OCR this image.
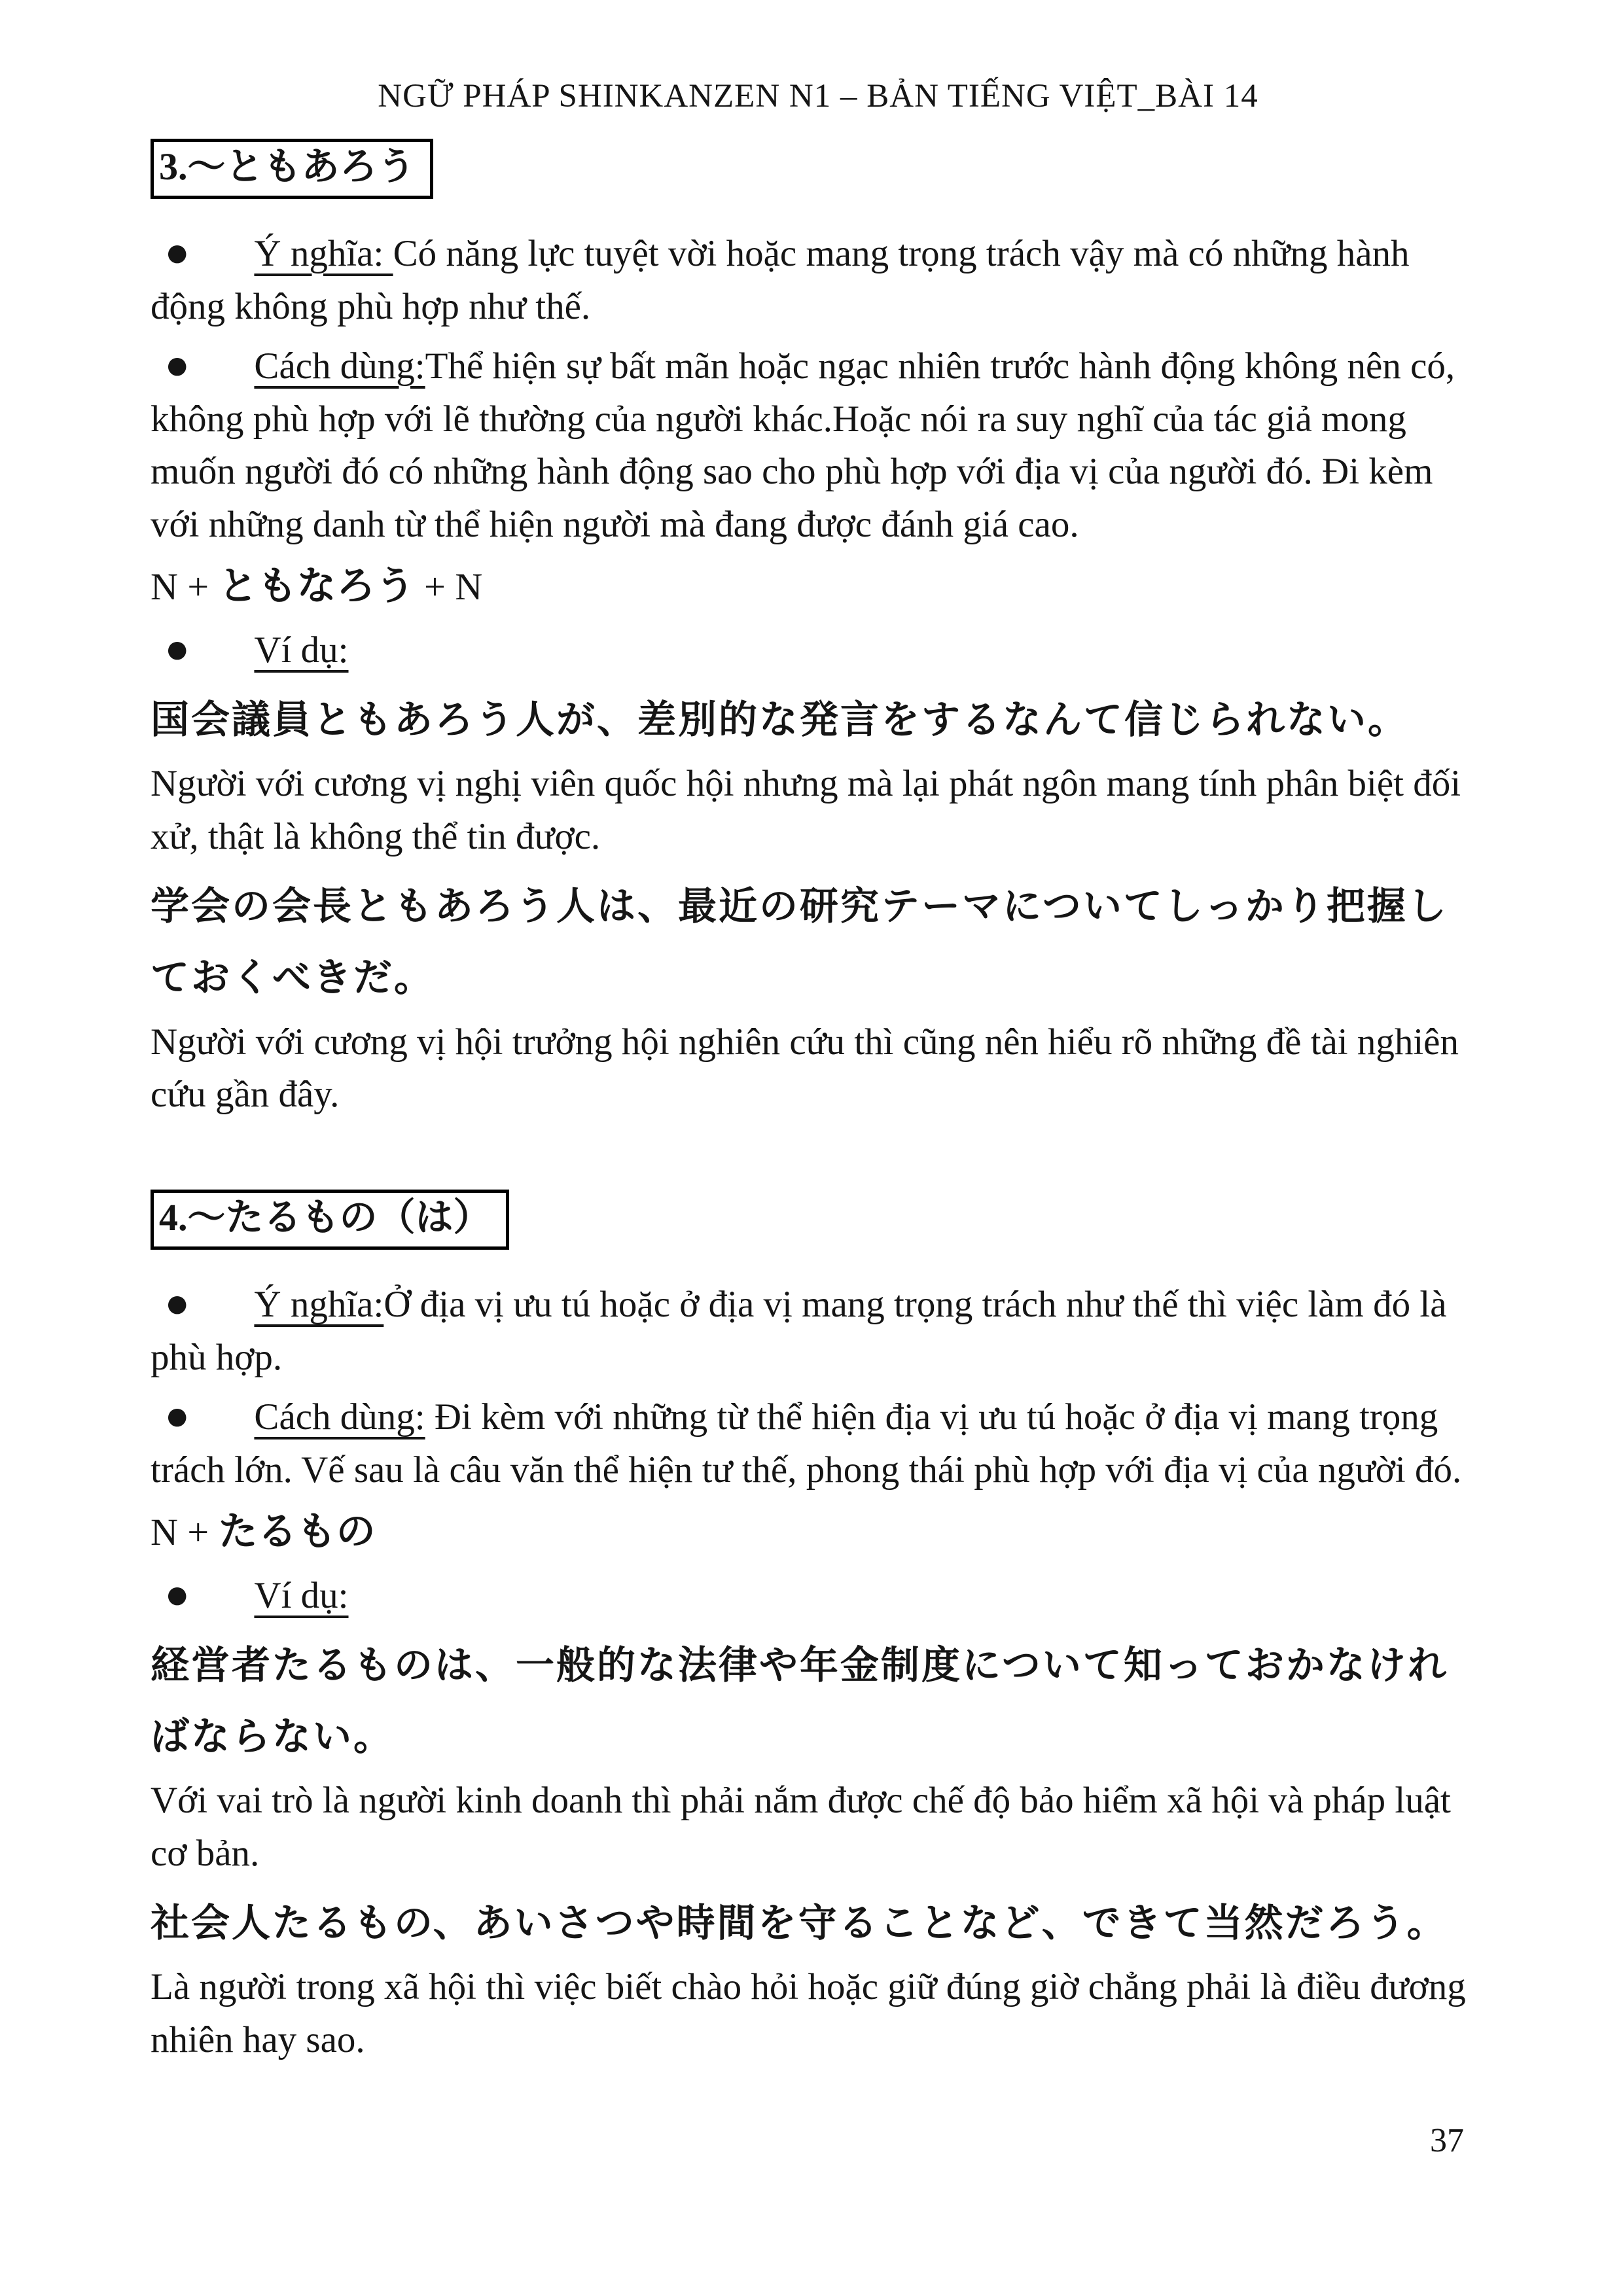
NGỮ PHÁP SHINKANZEN N1 – BẢN TIẾNG VIỆT_BÀI 14

3.～ともあろう

● Ý nghĩa: Có năng lực tuyệt vời hoặc mang trọng trách vậy mà có những hành động không phù hợp như thế.

● Cách dùng:Thể hiện sự bất mãn hoặc ngạc nhiên trước hành động không nên có, không phù hợp với lẽ thường của người khác.Hoặc nói ra suy nghĩ của tác giả mong muốn người đó có những hành động sao cho phù hợp với địa vị của người đó. Đi kèm với những danh từ thể hiện người mà đang được đánh giá cao.

N + ともなろう + N

● Ví dụ:

国会議員ともあろう人が、差別的な発言をするなんて信じられない。

Người với cương vị nghị viên quốc hội nhưng mà lại phát ngôn mang tính phân biệt đối xử, thật là không thể tin được.

学会の会長ともあろう人は、最近の研究テーマについてしっかり把握しておくべきだ。

Người với cương vị hội trưởng hội nghiên cứu thì cũng nên hiểu rõ những đề tài nghiên cứu gần đây.

4.～たるもの（は）

● Ý nghĩa:Ở địa vị ưu tú hoặc ở địa vị mang trọng trách như thế thì việc làm đó là phù hợp.

● Cách dùng: Đi kèm với những từ thể hiện địa vị ưu tú hoặc ở địa vị mang trọng trách lớn. Vế sau là câu văn thể hiện tư thế, phong thái phù hợp với địa vị của người đó.

N + たるもの

● Ví dụ:

経営者たるものは、一般的な法律や年金制度について知っておかなければならない。

Với vai trò là người kinh doanh thì phải nắm được chế độ bảo hiểm xã hội và pháp luật cơ bản.

社会人たるもの、あいさつや時間を守ることなど、できて当然だろう。

Là người trong xã hội thì việc biết chào hỏi hoặc giữ đúng giờ chẳng phải là điều đương nhiên hay sao.

37
